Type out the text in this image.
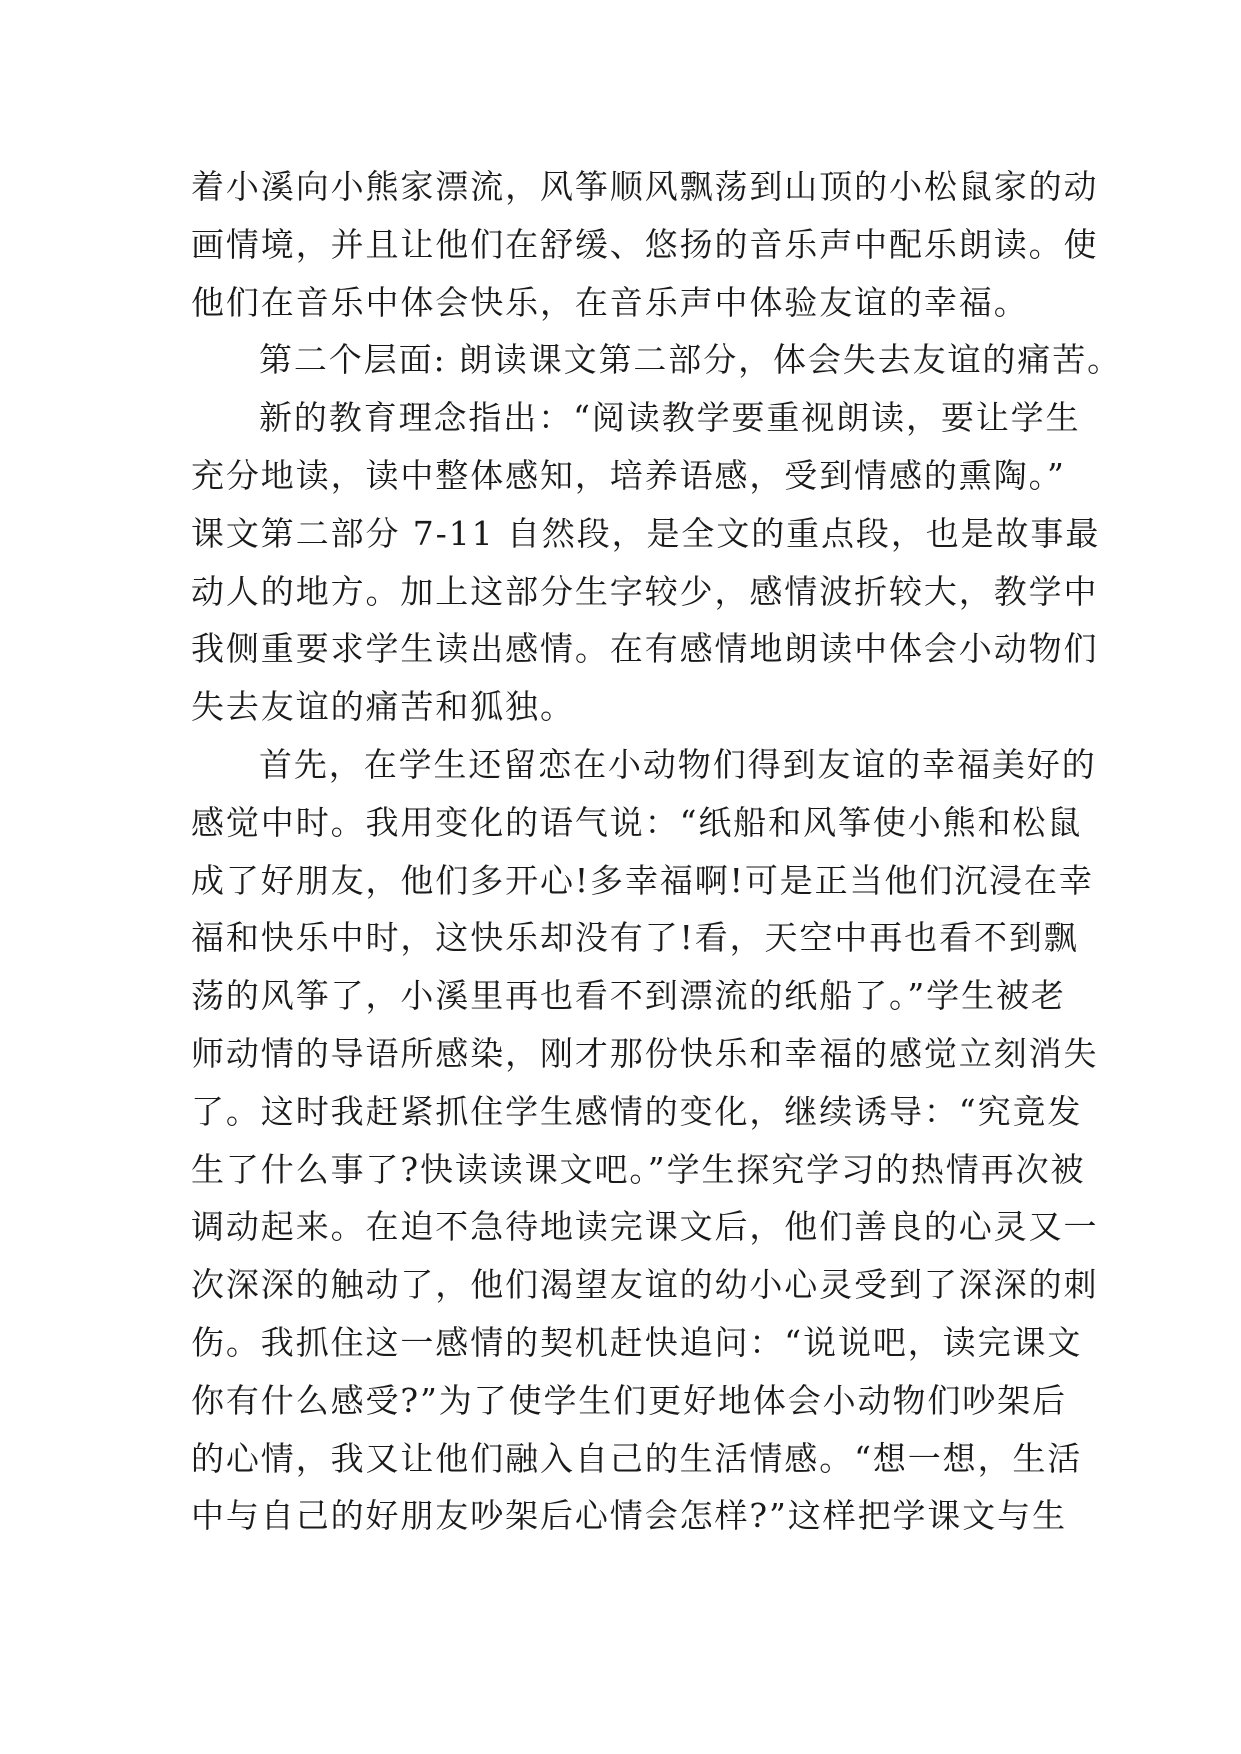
着小溪向小熊家漂流，风筝顺风飘荡到山顶的小松鼠家的动
画情境，并且让他们在舒缓、悠扬的音乐声中配乐朗读。使
他们在音乐中体会快乐，在音乐声中体验友谊的幸福。
第二个层面: 朗读课文第二部分，体会失去友谊的痛苦。
新的教育理念指出：“阅读教学要重视朗读，要让学生
充分地读，读中整体感知，培养语感，受到情感的熏陶。”
课文第二部分 7-11 自然段，是全文的重点段，也是故事最
动人的地方。加上这部分生字较少，感情波折较大，教学中
我侧重要求学生读出感情。在有感情地朗读中体会小动物们
失去友谊的痛苦和狐独。
首先，在学生还留恋在小动物们得到友谊的幸福美好的
感觉中时。我用变化的语气说：“纸船和风筝使小熊和松鼠
成了好朋友，他们多开心!多幸福啊!可是正当他们沉浸在幸
福和快乐中时，这快乐却没有了!看，天空中再也看不到飘
荡的风筝了，小溪里再也看不到漂流的纸船了。”学生被老
师动情的导语所感染，刚才那份快乐和幸福的感觉立刻消失
了。这时我赶紧抓住学生感情的变化，继续诱导：“究竟发
生了什么事了?快读读课文吧。”学生探究学习的热情再次被
调动起来。在迫不急待地读完课文后，他们善良的心灵又一
次深深的触动了，他们渴望友谊的幼小心灵受到了深深的刺
伤。我抓住这一感情的契机赶快追问：“说说吧，读完课文
你有什么感受?”为了使学生们更好地体会小动物们吵架后
的心情，我又让他们融入自己的生活情感。“想一想，生活
中与自己的好朋友吵架后心情会怎样?”这样把学课文与生
